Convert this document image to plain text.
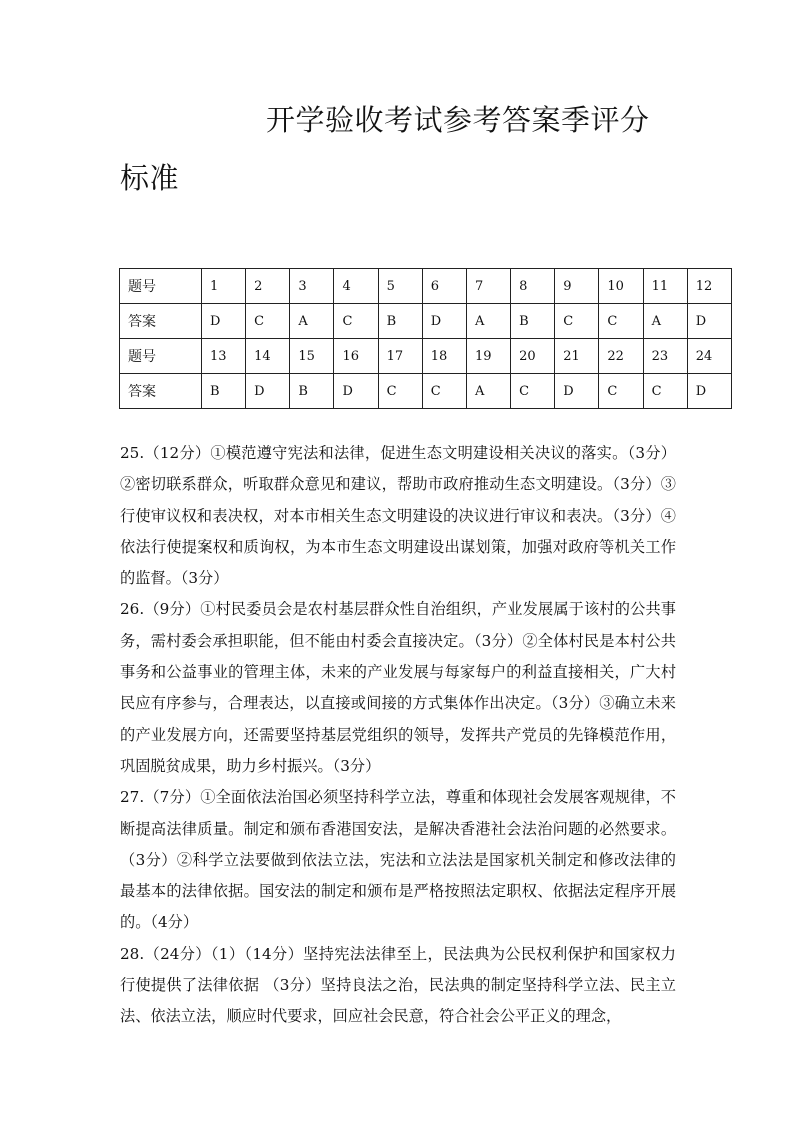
开学验收考试参考答案季评分
标准
题号	1	2	3	4	5	6	7	8	9	10	11	12
答案	D	C	A	C	B	D	A	B	C	C	A	D
题号	13	14	15	16	17	18	19	20	21	22	23	24
答案	B	D	B	D	C	C	A	C	D	C	C	D

25.（12分）①模范遵守宪法和法律，促进生态文明建设相关决议的落实。（3分）②密切联系群众，听取群众意见和建议，帮助市政府推动生态文明建设。（3分）③行使审议权和表决权，对本市相关生态文明建设的决议进行审议和表决。（3分）④依法行使提案权和质询权，为本市生态文明建设出谋划策，加强对政府等机关工作的监督。（3分）

26.（9分）①村民委员会是农村基层群众性自治组织，产业发展属于该村的公共事务，需村委会承担职能，但不能由村委会直接决定。（3分）②全体村民是本村公共事务和公益事业的管理主体，未来的产业发展与每家每户的利益直接相关，广大村民应有序参与，合理表达，以直接或间接的方式集体作出决定。（3分）③确立未来的产业发展方向，还需要坚持基层党组织的领导，发挥共产党员的先锋模范作用，巩固脱贫成果，助力乡村振兴。（3分）

27.（7分）①全面依法治国必须坚持科学立法，尊重和体现社会发展客观规律，不断提高法律质量。制定和颁布香港国安法，是解决香港社会法治问题的必然要求。（3分）②科学立法要做到依法立法，宪法和立法法是国家机关制定和修改法律的最基本的法律依据。国安法的制定和颁布是严格按照法定职权、依据法定程序开展的。（4分）

28.（24分）（1）（14分）坚持宪法法律至上，民法典为公民权利保护和国家权力行使提供了法律依据 （3分）坚持良法之治，民法典的制定坚持科学立法、民主立法、依法立法，顺应时代要求，回应社会民意，符合社会公平正义的理念，
